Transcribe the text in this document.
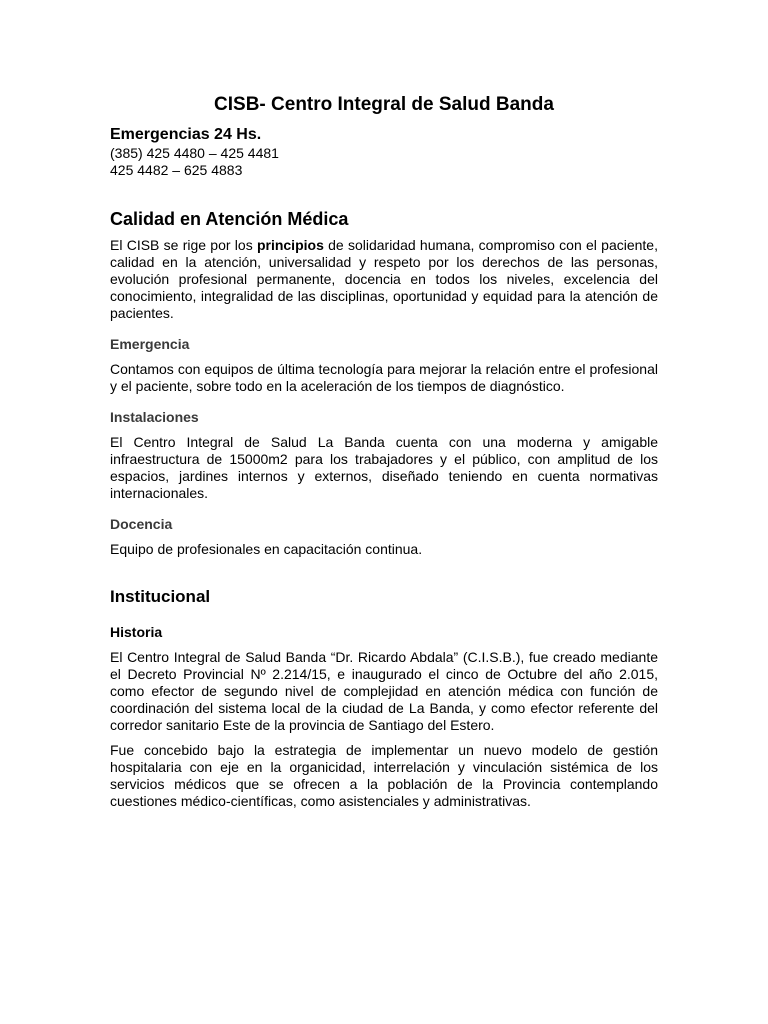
CISB- Centro Integral de Salud Banda
Emergencias 24 Hs.
(385) 425 4480 – 425 4481
425 4482 – 625 4883
Calidad en Atención Médica

El CISB se rige por los principios de solidaridad humana, compromiso con el paciente, calidad en la atención, universalidad y respeto por los derechos de las personas, evolución profesional permanente, docencia en todos los niveles, excelencia del conocimiento, integralidad de las disciplinas, oportunidad y equidad para la atención de pacientes.

Emergencia

Contamos con equipos de última tecnología para mejorar la relación entre el profesional y el paciente, sobre todo en la aceleración de los tiempos de diagnóstico.

Instalaciones

El Centro Integral de Salud La Banda cuenta con una moderna y amigable infraestructura de 15000m2 para los trabajadores y el público, con amplitud de los espacios, jardines internos y externos, diseñado teniendo en cuenta normativas internacionales.

Docencia

Equipo de profesionales en capacitación continua.

Institucional
Historia

El Centro Integral de Salud Banda “Dr. Ricardo Abdala” (C.I.S.B.), fue creado mediante el Decreto Provincial Nº 2.214/15, e inaugurado el cinco de Octubre del año 2.015, como efector de segundo nivel de complejidad en atención médica con función de coordinación del sistema local de la ciudad de La Banda, y como efector referente del corredor sanitario Este de la provincia de Santiago del Estero.

Fue concebido bajo la estrategia de implementar un nuevo modelo de gestión hospitalaria con eje en la organicidad, interrelación y vinculación sistémica de los servicios médicos que se ofrecen a la población de la Provincia contemplando cuestiones médico-científicas, como asistenciales y administrativas.
